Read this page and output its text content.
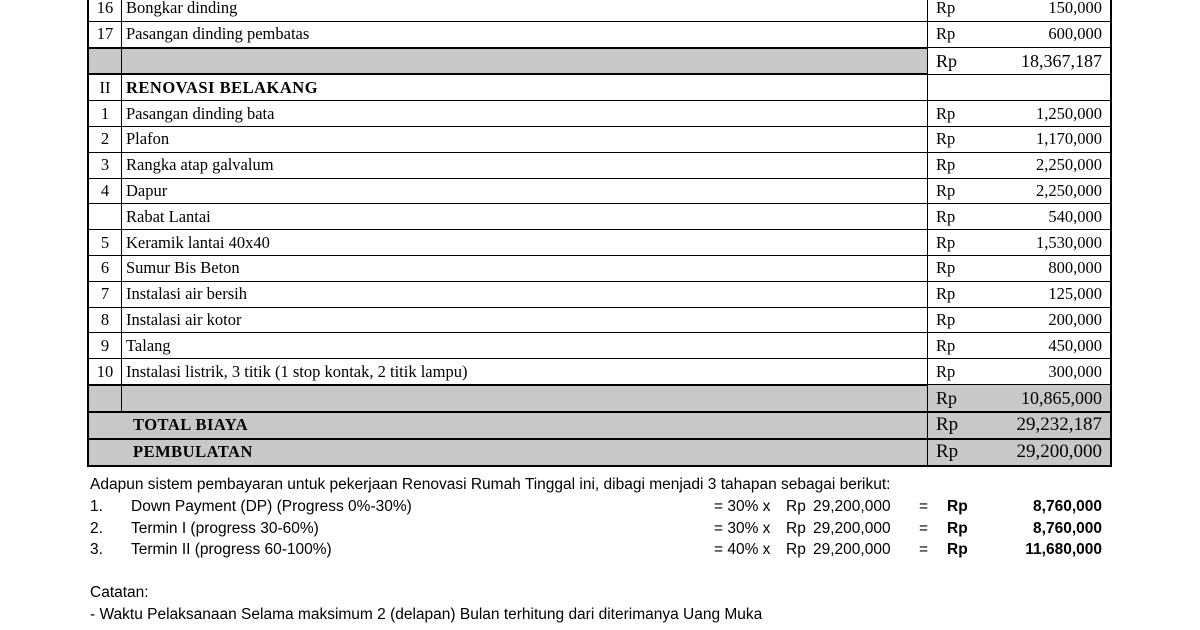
16	Bongkar dinding	Rp	150,000
17	Pasangan dinding pembatas	Rp	600,000
		Rp	18,367,187
II	RENOVASI BELAKANG		
1	Pasangan dinding bata	Rp	1,250,000
2	Plafon	Rp	1,170,000
3	Rangka atap galvalum	Rp	2,250,000
4	Dapur	Rp	2,250,000
	Rabat Lantai	Rp	540,000
5	Keramik lantai 40x40	Rp	1,530,000
6	Sumur Bis Beton	Rp	800,000
7	Instalasi air bersih	Rp	125,000
8	Instalasi air kotor	Rp	200,000
9	Talang	Rp	450,000
10	Instalasi listrik, 3 titik (1 stop kontak, 2 titik lampu)	Rp	300,000
		Rp	10,865,000
TOTAL BIAYA		Rp	29,232,187
PEMBULATAN		Rp	29,200,000
Adapun sistem pembayaran untuk pekerjaan Renovasi Rumah Tinggal ini, dibagi menjadi 3 tahapan sebagai berikut:
1. Down Payment (DP) (Progress 0%-30%)	= 30% x Rp 29,200,000 = Rp	8,760,000
2. Termin I (progress 30-60%)	= 30% x Rp 29,200,000 = Rp	8,760,000
3. Termin II (progress 60-100%)	= 40% x Rp 29,200,000 = Rp	11,680,000
Catatan:
- Waktu Pelaksanaan Selama maksimum 2 (delapan) Bulan terhitung dari diterimanya Uang Muka
